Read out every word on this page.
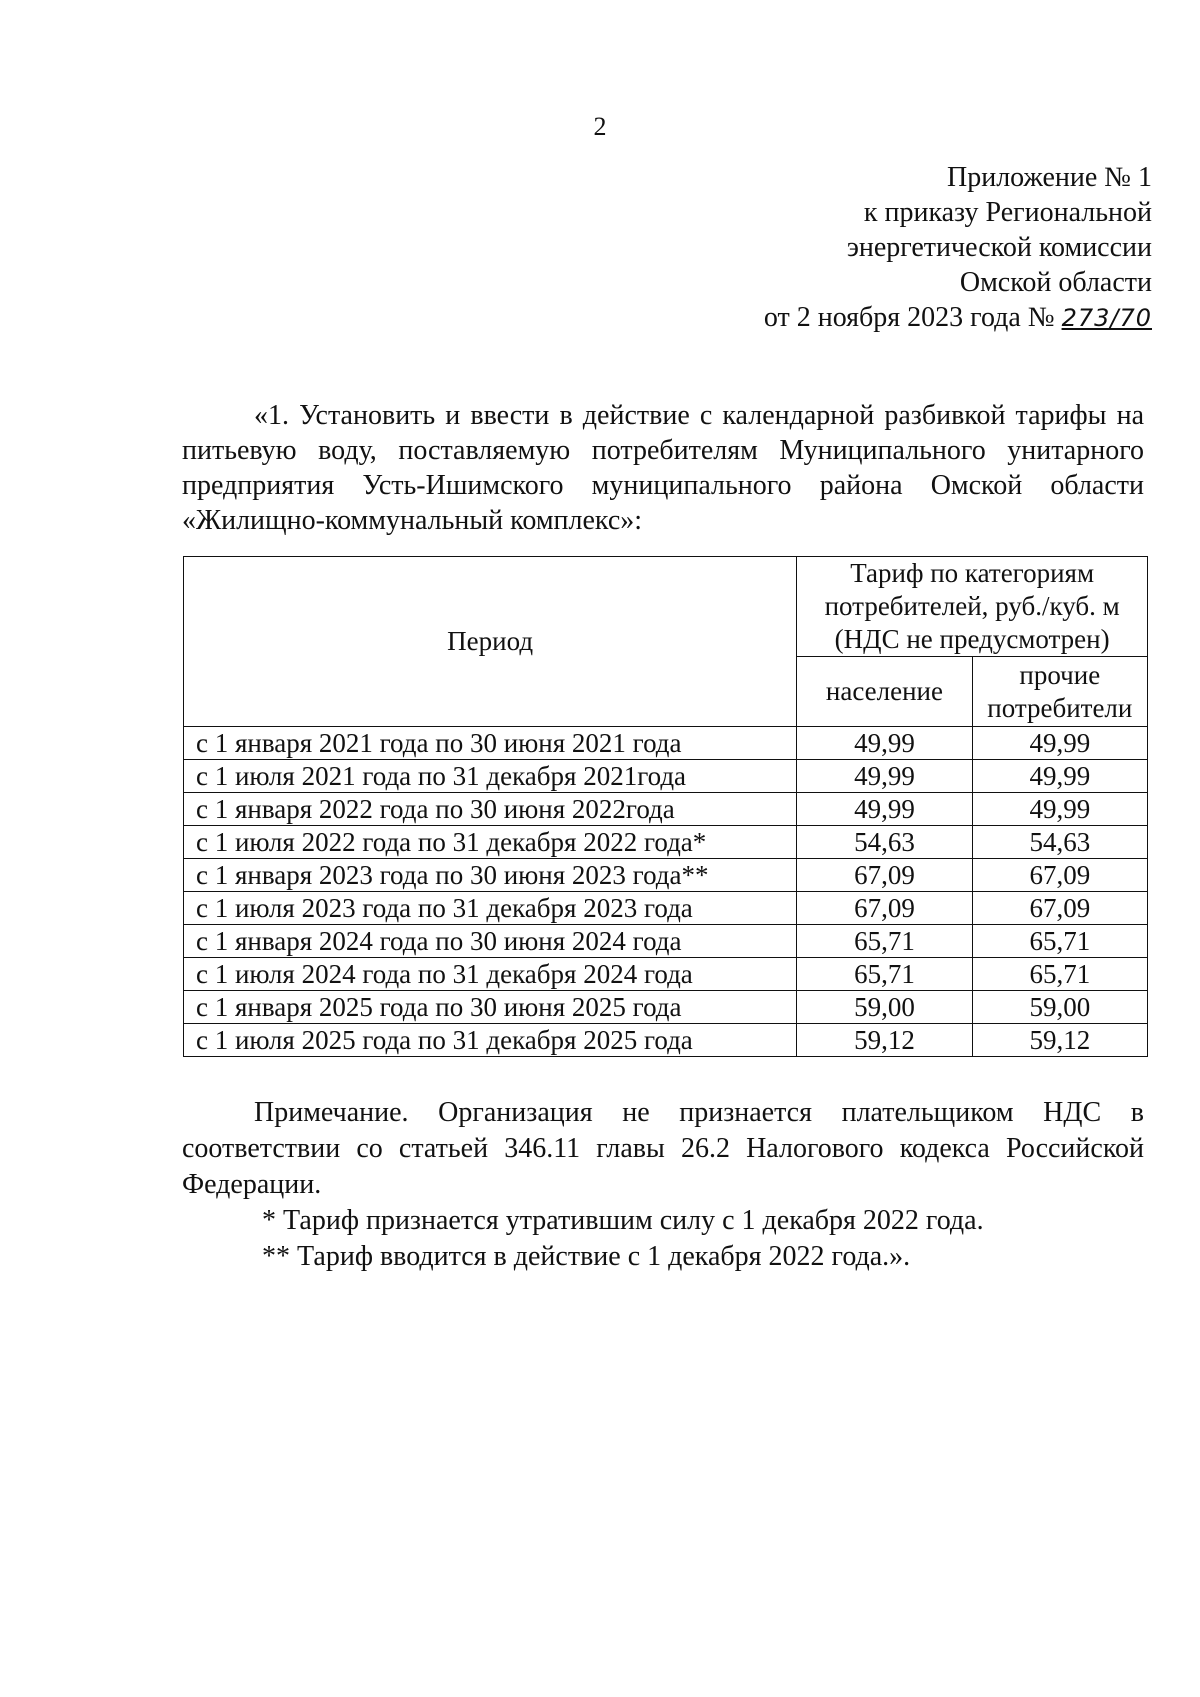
2
Приложение № 1
к приказу Региональной
энергетической комиссии
Омской области
от 2 ноября 2023 года № 273/70

«1. Установить и ввести в действие с календарной разбивкой тарифы на питьевую воду, поставляемую потребителям Муниципального унитарного предприятия Усть-Ишимского муниципального района Омской области «Жилищно-коммунальный комплекс»:

Период	Тариф по категориям потребителей, руб./куб. м (НДС не предусмотрен)	
	население	прочие потребители
с 1 января 2021 года по 30 июня 2021 года	49,99	49,99
с 1 июля 2021 года по 31 декабря 2021года	49,99	49,99
с 1 января 2022 года по 30 июня 2022года	49,99	49,99
с 1 июля 2022 года по 31 декабря 2022 года*	54,63	54,63
с 1 января 2023 года по 30 июня 2023 года**	67,09	67,09
с 1 июля 2023 года по 31 декабря 2023 года	67,09	67,09
с 1 января 2024 года по 30 июня 2024 года	65,71	65,71
с 1 июля 2024 года по 31 декабря 2024 года	65,71	65,71
с 1 января 2025 года по 30 июня 2025 года	59,00	59,00
с 1 июля 2025 года по 31 декабря 2025 года	59,12	59,12

Примечание. Организация не признается плательщиком НДС в соответствии со статьей 346.11 главы 26.2 Налогового кодекса Российской Федерации.

* Тариф признается утратившим силу с 1 декабря 2022 года.

** Тариф вводится в действие с 1 декабря 2022 года.».
